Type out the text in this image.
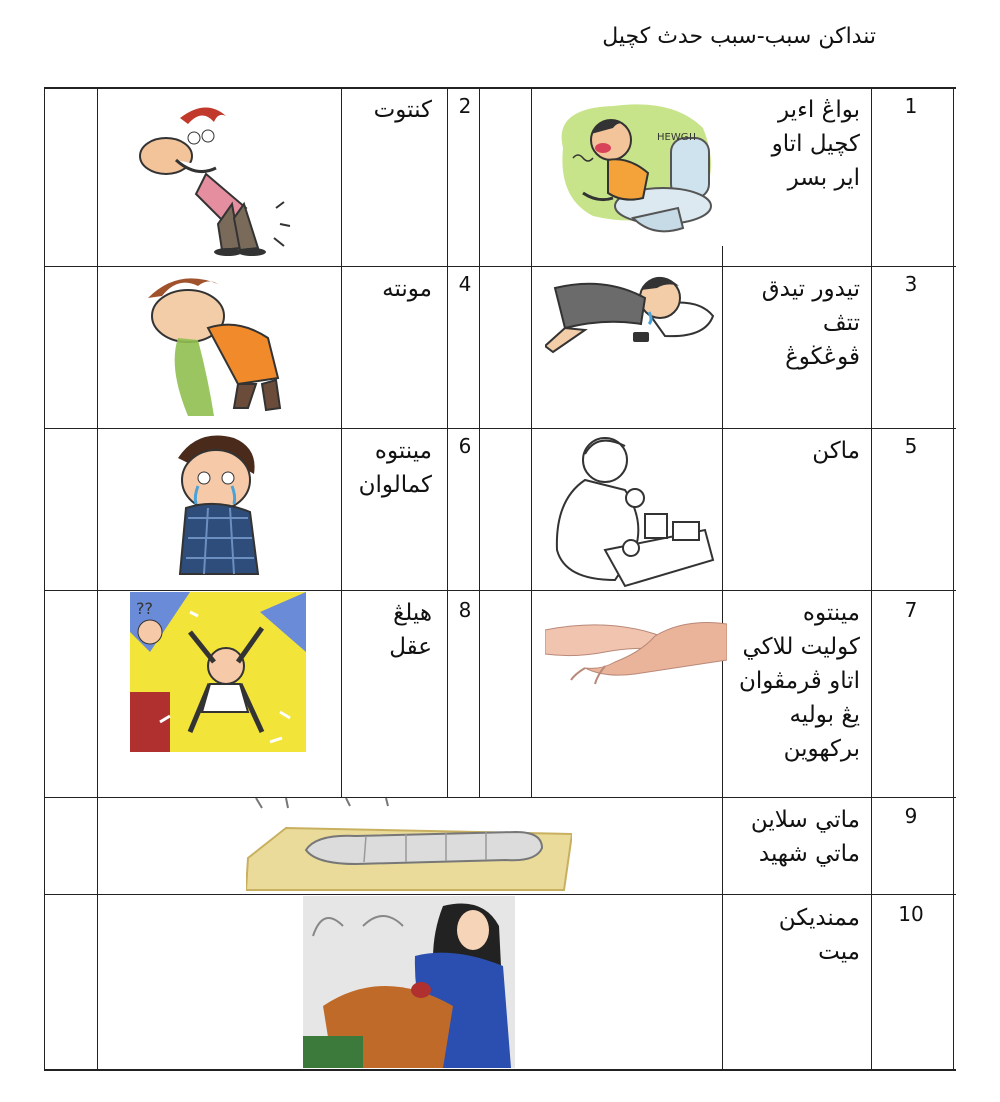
تنداكن سبب-سبب حدث كچيل
1
بواڠ اءير
كچيل اتاو
اير بسر
HEWG!!
2
كنتوت
3
تيدور تيدق
تتڤ
ڤوڠڬوڠ
4
مونته
5
ماكن
6
مينتوه
كمالوان
7
مينتوه
كوليت للاكي
اتاو ڤرمڤوان
يڠ بوليه
بركهوين
8
هيلڠ
عقل
??
9
ماتي سلاين
ماتي شهيد
10
ممنديكن
ميت
